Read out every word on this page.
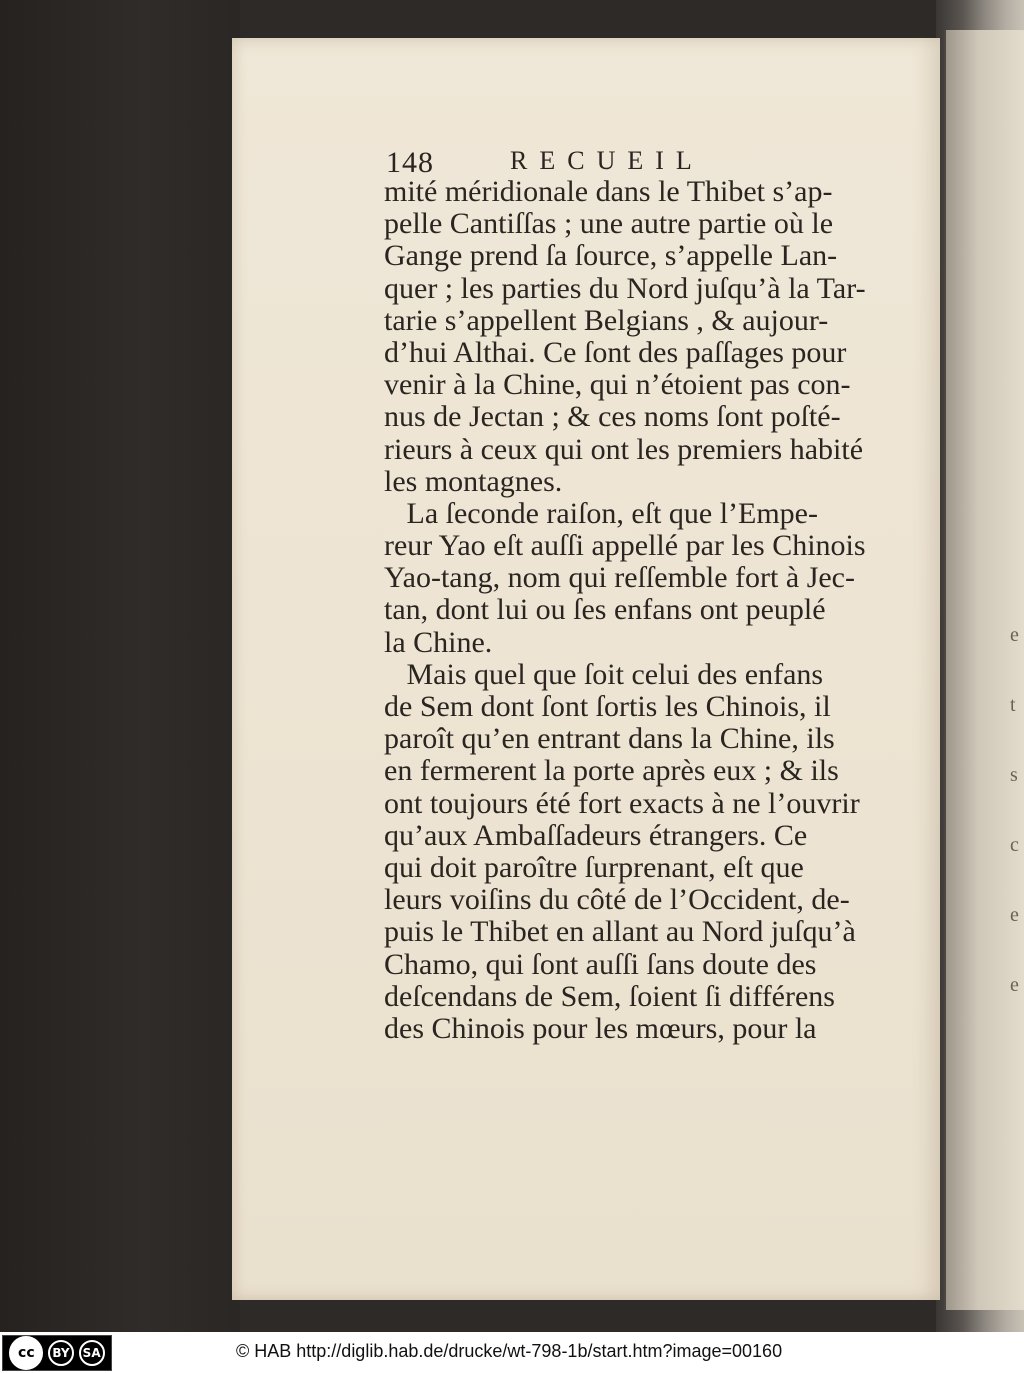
e
t
s
c
e
e
148	RECUEIL
mité méridionale dans le Thibet s’ap-
pelle Cantiſſas ; une autre partie où le
Gange prend ſa ſource, s’appelle Lan-
quer ; les parties du Nord juſqu’à la Tar-
tarie s’appellent Belgians , & aujour-
d’hui Althai. Ce ſont des paſſages pour
venir à la Chine, qui n’étoient pas con-
nus de Jectan ; & ces noms ſont poſté-
rieurs à ceux qui ont les premiers habité
les montagnes.
La ſeconde raiſon, eſt que l’Empe-
reur Yao eſt auſſi appellé par les Chinois
Yao-tang, nom qui reſſemble fort à Jec-
tan, dont lui ou ſes enfans ont peuplé
la Chine.
Mais quel que ſoit celui des enfans
de Sem dont ſont ſortis les Chinois, il
paroît qu’en entrant dans la Chine, ils
en fermerent la porte après eux ; & ils
ont toujours été fort exacts à ne l’ouvrir
qu’aux Ambaſſadeurs étrangers. Ce
qui doit paroître ſurprenant, eſt que
leurs voiſins du côté de l’Occident, de-
puis le Thibet en allant au Nord juſqu’à
Chamo, qui ſont auſſi ſans doute des
deſcendans de Sem, ſoient ſi différens
des Chinois pour les mœurs, pour la
cc	BY	SA	© HAB http://diglib.hab.de/drucke/wt-798-1b/start.htm?image=00160
